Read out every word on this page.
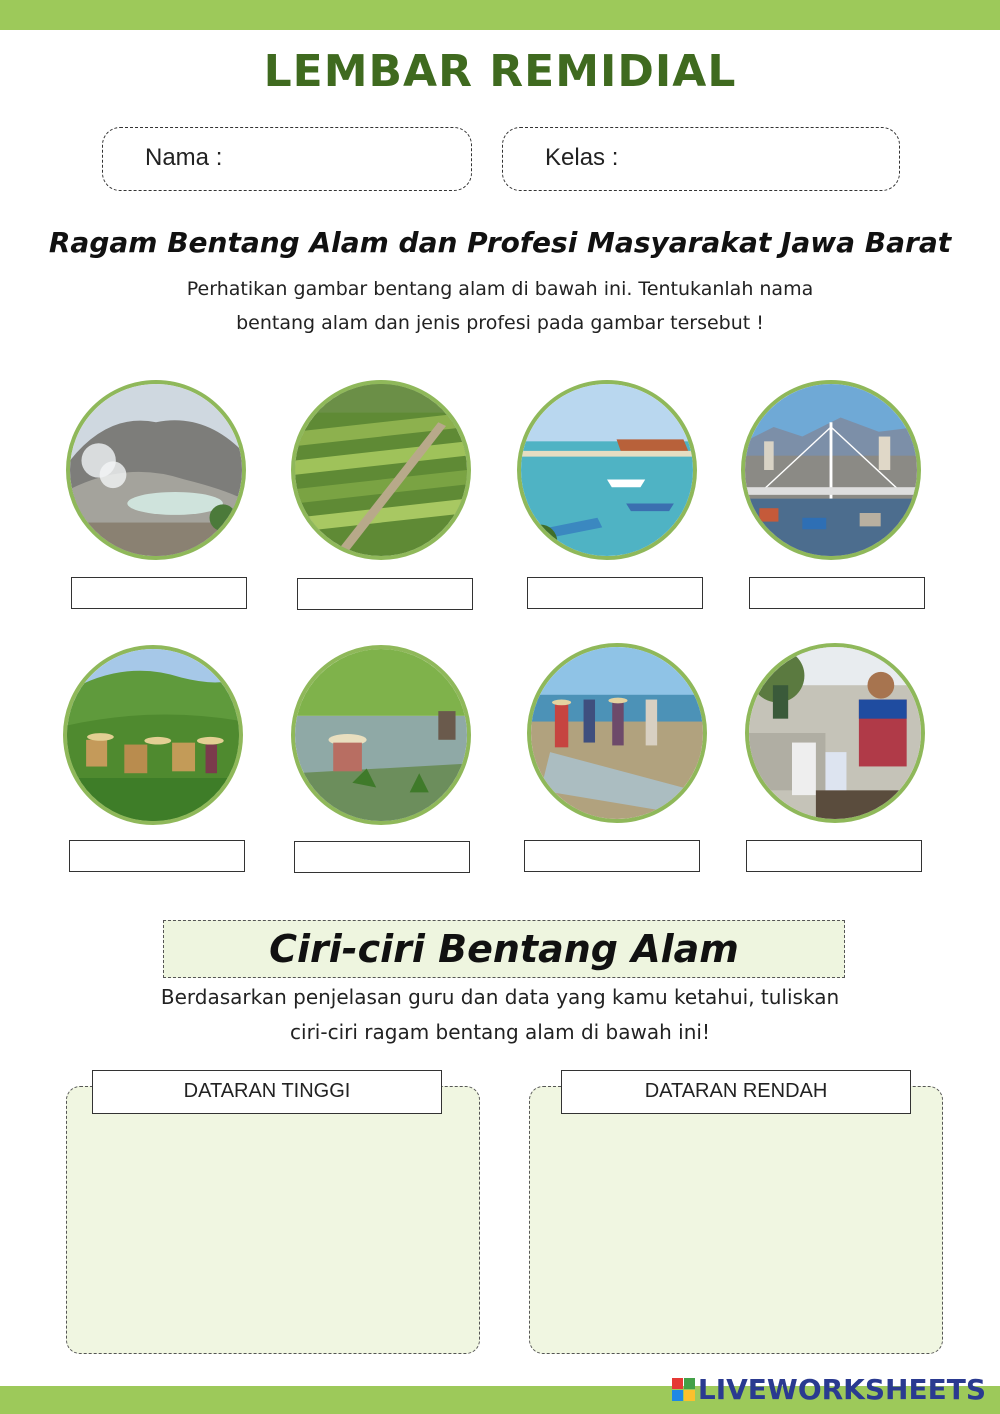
LEMBAR REMIDIAL
Nama :	Kelas :
Ragam Bentang Alam dan Profesi Masyarakat Jawa Barat
Perhatikan gambar bentang alam di bawah ini. Tentukanlah nama
bentang alam dan jenis profesi pada gambar tersebut !
Ciri-ciri Bentang Alam
Berdasarkan penjelasan guru dan data yang kamu ketahui, tuliskan
ciri-ciri ragam bentang alam di bawah ini!
DATARAN TINGGI	DATARAN RENDAH
LIVEWORKSHEETS
